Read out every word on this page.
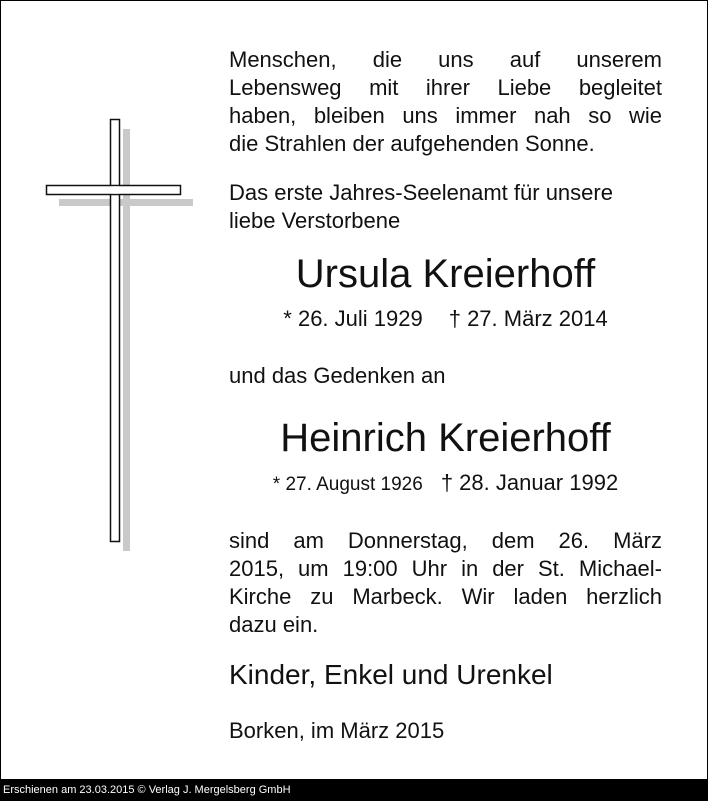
Menschen, die uns auf unserem
Lebensweg mit ihrer Liebe begleitet
haben, bleiben uns immer nah so wie
die Strahlen der aufgehenden Sonne.
Das erste Jahres-Seelenamt für unsere
liebe Verstorbene
Ursula Kreierhoff
* 26. Juli 1929 † 27. März 2014
und das Gedenken an
Heinrich Kreierhoff
* 27. August 1926 † 28. Januar 1992
sind am Donnerstag, dem 26. März
2015, um 19:00 Uhr in der St. Michael-
Kirche zu Marbeck. Wir laden herzlich
dazu ein.
Kinder, Enkel und Urenkel
Borken, im März 2015
Erschienen am 23.03.2015 © Verlag J. Mergelsberg GmbH
